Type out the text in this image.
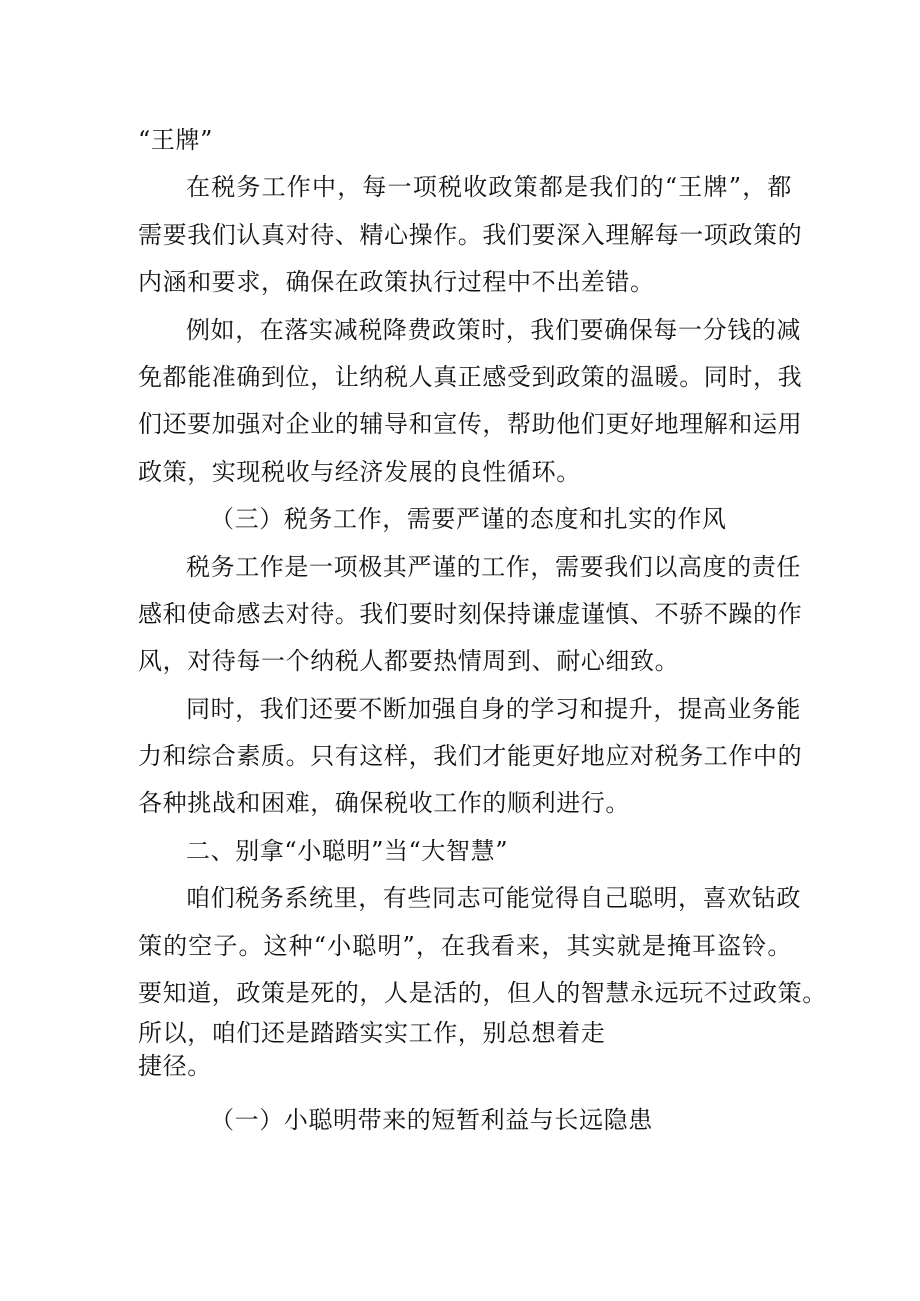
“王牌”
在税务工作中，每一项税收政策都是我们的“王牌”，都
需要我们认真对待、精心操作。我们要深入理解每一项政策的
内涵和要求，确保在政策执行过程中不出差错。
例如，在落实减税降费政策时，我们要确保每一分钱的减
免都能准确到位，让纳税人真正感受到政策的温暖。同时，我
们还要加强对企业的辅导和宣传，帮助他们更好地理解和运用
政策，实现税收与经济发展的良性循环。
（三）税务工作，需要严谨的态度和扎实的作风
税务工作是一项极其严谨的工作，需要我们以高度的责任
感和使命感去对待。我们要时刻保持谦虚谨慎、不骄不躁的作
风，对待每一个纳税人都要热情周到、耐心细致。
同时，我们还要不断加强自身的学习和提升，提高业务能
力和综合素质。只有这样，我们才能更好地应对税务工作中的
各种挑战和困难，确保税收工作的顺利进行。
二、别拿“小聪明”当“大智慧”
咱们税务系统里，有些同志可能觉得自己聪明，喜欢钻政
策的空子。这种“小聪明”，在我看来，其实就是掩耳盗铃。
要知道，政策是死的，人是活的，但人的智慧永远玩不过政策。
所以，咱们还是踏踏实实工作，别总想着走
捷径。
（一）小聪明带来的短暂利益与长远隐患
